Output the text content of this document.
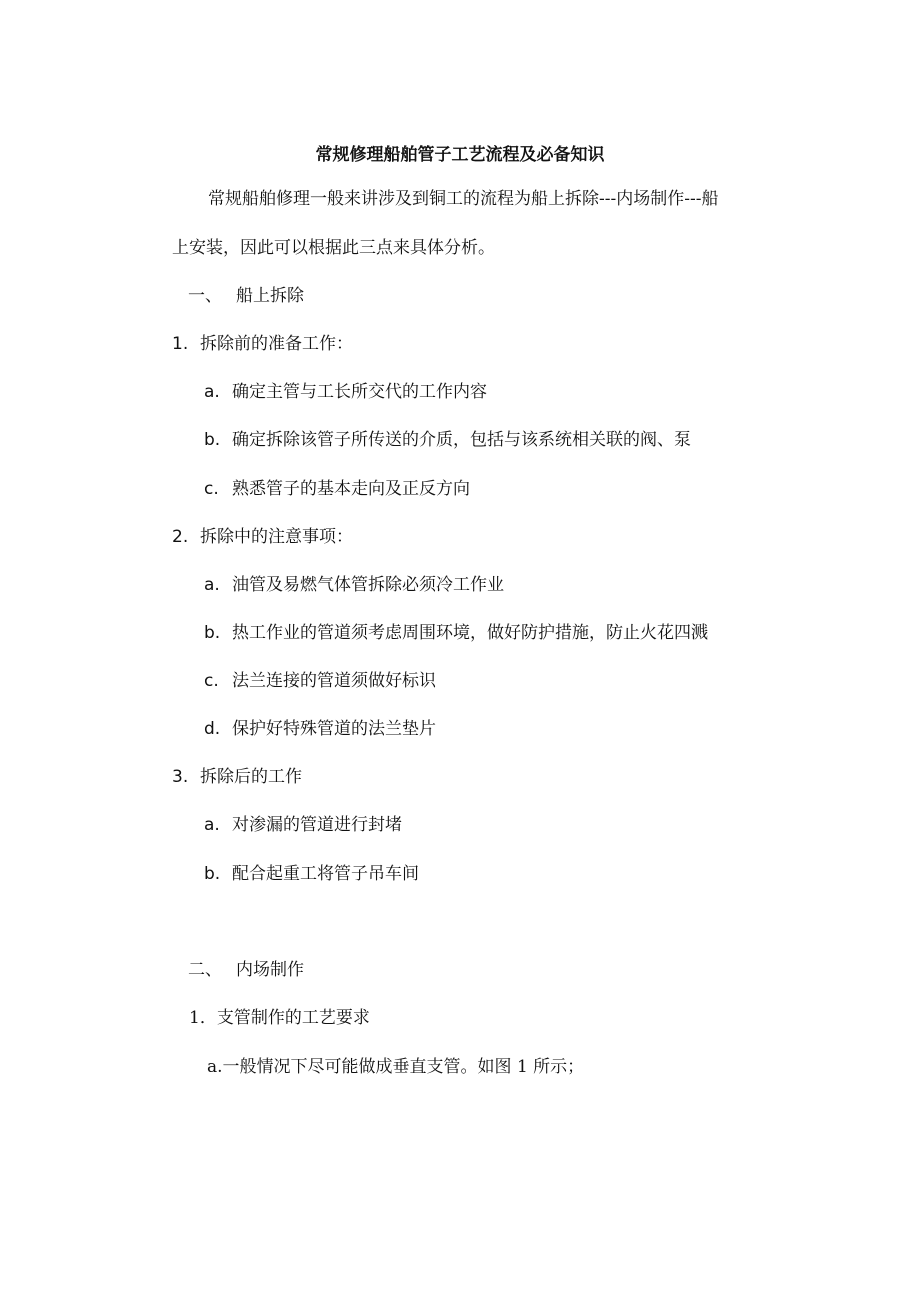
常规修理船舶管子工艺流程及必备知识
常规船舶修理一般来讲涉及到铜工的流程为船上拆除---内场制作---船
上安装，因此可以根据此三点来具体分析。
一、 船上拆除
1. 拆除前的准备工作：
a. 确定主管与工长所交代的工作内容
b. 确定拆除该管子所传送的介质，包括与该系统相关联的阀、泵
c. 熟悉管子的基本走向及正反方向
2. 拆除中的注意事项：
a. 油管及易燃气体管拆除必须冷工作业
b. 热工作业的管道须考虑周围环境，做好防护措施，防止火花四溅
c. 法兰连接的管道须做好标识
d. 保护好特殊管道的法兰垫片
3. 拆除后的工作
a. 对渗漏的管道进行封堵
b. 配合起重工将管子吊车间
二、 内场制作
1．支管制作的工艺要求
a.一般情况下尽可能做成垂直支管。如图 1 所示；
